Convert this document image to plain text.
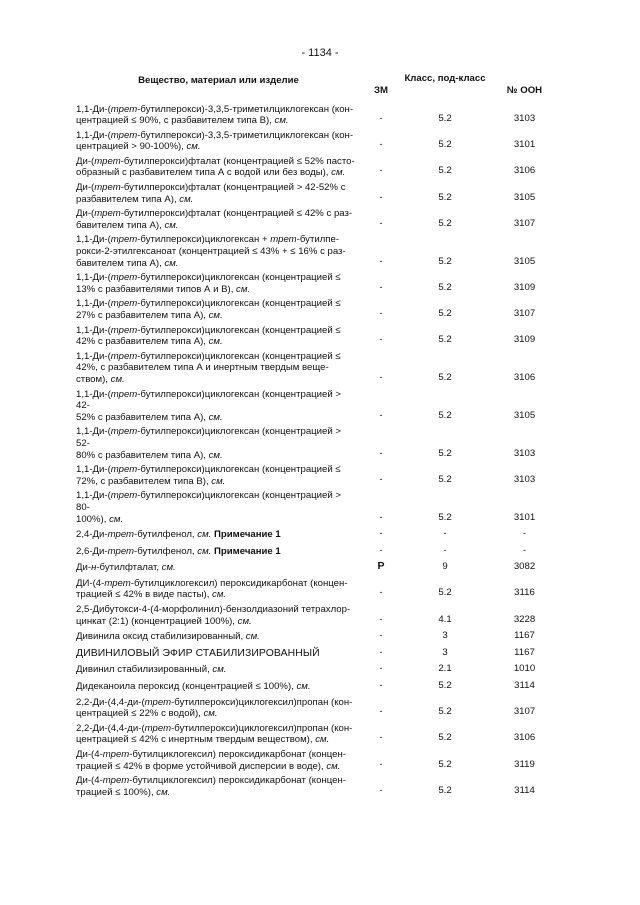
- 1134 -
Вещество, материал или изделие	ЗМ	Класс, под-класс	№ ООН
1,1-Ди-(трет-бутилперокси)-3,3,5-триметилциклогексан (кон-
центрацией ≤ 90%, с разбавителем типа В), см.	-	5.2	3103
1,1-Ди-(трет-бутилперокси)-3,3,5-триметилциклогексан (кон-
центрацией > 90-100%), см.	-	5.2	3101
Ди-(трет-бутилперокси)фталат (концентрацией ≤ 52% пасто-
образный с разбавителем типа А с водой или без воды), см.	-	5.2	3106
Ди-(трет-бутилперокси)фталат (концентрацией > 42-52% с
разбавителем типа А), см.	-	5.2	3105
Ди-(трет-бутилперокси)фталат (концентрацией ≤ 42% с раз-
бавителем типа А), см.	-	5.2	3107
1,1-Ди-(трет-бутилперокси)циклогексан + трет-бутилпе-
рокси-2-этилгексаноат (концентрацией ≤ 43% + ≤ 16% с раз-
бавителем типа А), см.	-	5.2	3105
1,1-Ди-(трет-бутилперокси)циклогексан (концентрацией ≤
13% с разбавителями типов А и В), см.	-	5.2	3109
1,1-Ди-(трет-бутилперокси)циклогексан (концентрацией ≤
27% с разбавителем типа А), см.	-	5.2	3107
1,1-Ди-(трет-бутилперокси)циклогексан (концентрацией ≤
42% с разбавителем типа А), см.	-	5.2	3109
1,1-Ди-(трет-бутилперокси)циклогексан (концентрацией ≤
42%, с разбавителем типа А и инертным твердым веще-
ством), см.	-	5.2	3106
1,1-Ди-(трет-бутилперокси)циклогексан (концентрацией > 42-
52% с разбавителем типа А), см.	-	5.2	3105
1,1-Ди-(трет-бутилперокси)циклогексан (концентрацией > 52-
80% с разбавителем типа А), см.	-	5.2	3103
1,1-Ди-(трет-бутилперокси)циклогексан (концентрацией ≤
72%, с разбавителем типа В), см.	-	5.2	3103
1,1-Ди-(трет-бутилперокси)циклогексан (концентрацией > 80-
100%), см.	-	5.2	3101
2,4-Ди-трет-бутилфенол, см. Примечание 1	-	-	-
2,6-Ди-трет-бутилфенол, см. Примечание 1	-	-	-
Ди-н-бутилфталат, см.	P	9	3082
ДИ-(4-трет-бутилциклогексил) пероксидикарбонат (концен-
трацией ≤ 42% в виде пасты), см.	-	5.2	3116
2,5-Дибутокси-4-(4-морфолинил)-бензолдиазоний тетрахлор-
цинкат (2:1) (концентрацией 100%), см.	-	4.1	3228
Дивинила оксид стабилизированный, см.	-	3	1167
ДИВИНИЛОВЫЙ ЭФИР СТАБИЛИЗИРОВАННЫЙ	-	3	1167
Дивинил стабилизированный, см.	-	2.1	1010
Дидеканоила пероксид (концентрацией ≤ 100%), см.	-	5.2	3114
2,2-Ди-(4,4-ди-(трет-бутилперокси)циклогексил)пропан (кон-
центрацией ≤ 22% с водой), см.	-	5.2	3107
2,2-Ди-(4,4-ди-(трет-бутилперокси)циклогексил)пропан (кон-
центрацией ≤ 42% с инертным твердым веществом), см.	-	5.2	3106
Ди-(4-трет-бутилциклогексил) пероксидикарбонат (концен-
трацией ≤ 42% в форме устойчивой дисперсии в воде), см.	-	5.2	3119
Ди-(4-трет-бутилциклогексил) пероксидикарбонат (концен-
трацией ≤ 100%), см.	-	5.2	3114
